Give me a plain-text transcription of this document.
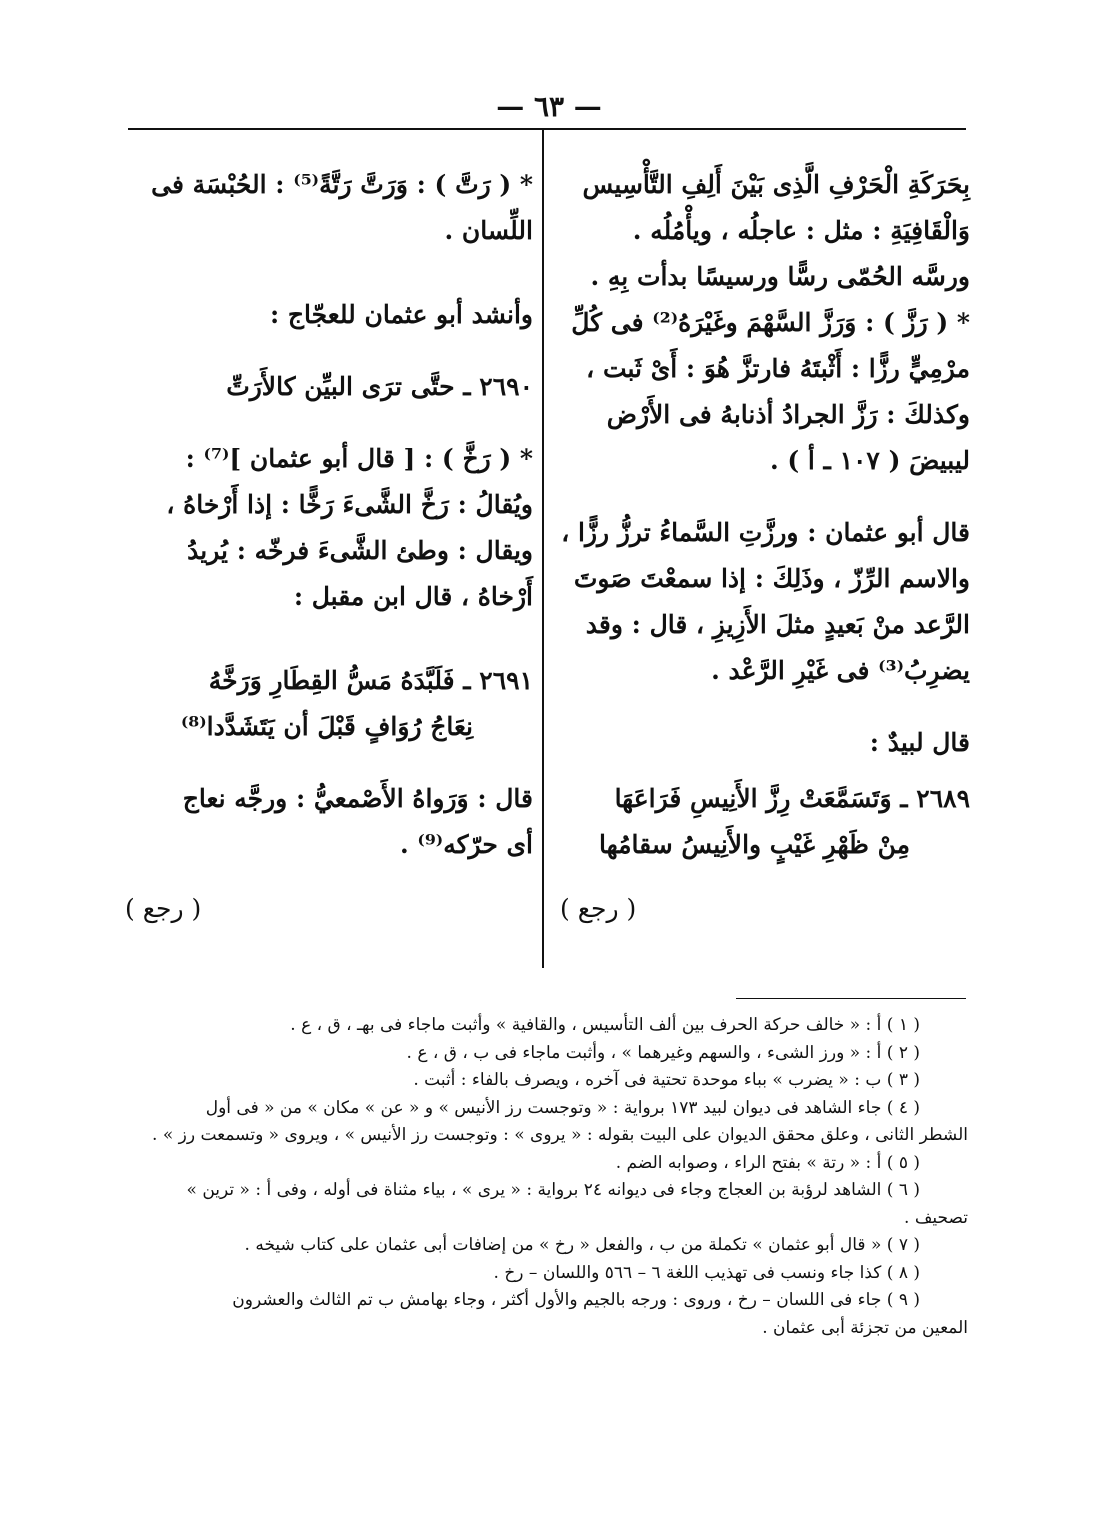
— ٦٣ —

بِحَرَكَةِ الْحَرْفِ الَّذِى بَيْنَ أَلِفِ التَّأْسِيس

وَالْقَافِيَةِ : مثل : عاجلُه ، ويأْمُلُه .

ورسَّه الحُمّى رسًّا ورسيسًا بدأت بِهِ .

* ( رَزَّ ) : وَرَزَّ السَّهْمَ وغَيْرَهُ⁽²⁾ فى كُلِّ

مرْمِيٍّ رزًّا : أَثْبتَهُ فارتزَّ هُوَ : أَىْ ثَبت ،

وكذلكَ : رَزَّ الجرادُ أذنابهُ فى الأَرْض

ليبيضَ ( ١٠٧ ـ أ ) .

قال أبو عثمان : ورزَّتِ السَّماءُ ترزُّ رزًّا ،

والاسم الرِّزّ ، وذَلِكَ : إذا سمعْتَ صَوتَ

الرَّعد منْ بَعيدٍ مثلَ الأَزِيزِ ، قال : وقد

يضرِبُ⁽³⁾ فى غَيْرِ الرَّعْد .

قال لبيدٌ :

٢٦٨٩ ـ وَتَسَمَّعَتْ رِزَّ الأَنِيسِ فَرَاعَهَا

مِنْ ظَهْرِ غَيْبٍ والأَنِيسُ سقامُها

( رجع )

* ( رَتَّ ) : وَرَتَّ رَتَّةً⁽⁵⁾ : الحُبْسَة فى

اللِّسان .

وأنشد أبو عثمان للعجّاج :

٢٦٩٠ ـ حتَّى ترَى البيِّن كالأَرَتِّ

* ( رَخَّ ) : [ قال أبو عثمان ]⁽⁷⁾ :

ويُقالُ : رَخَّ الشَّىءَ رَخًّا : إذا أَرْخاهُ ،

ويقال : وطئ الشَّىءَ فرخّه : يُريدُ

أَرْخاهُ ، قال ابن مقبل :

٢٦٩١ ـ فَلَبَّدَهُ مَسُّ القِطَارِ وَرَخَّهُ

نِعَاجُ رُوَافٍ قَبْلَ أن يَتَشَدَّدا⁽⁸⁾

قال : وَرَواهُ الأَصْمعيُّ : ورجَّه نعاج

أى حرّكه⁽⁹⁾ .

( رجع )

( ١ ) أ : « خالف حركة الحرف بين ألف التأسيس ، والقافية » وأثبت ماجاء فى بهـ ، ق ، ع .

( ٢ ) أ : « ورز الشىء ، والسهم وغيرهما » ، وأثبت ماجاء فى ب ، ق ، ع .

( ٣ ) ب : « يضرب » بباء موحدة تحتية فى آخره ، ويصرف بالفاء : أثبت .

( ٤ ) جاء الشاهد فى ديوان لبيد ١٧٣ برواية : « وتوجست رز الأنيس » و « عن » مكان » من « فى أول

الشطر الثانى ، وعلق محقق الديوان على البيت بقوله : « يروى » : وتوجست رز الأنيس » ، ويروى « وتسمعت رز » .

( ٥ ) أ : « رتة » بفتح الراء ، وصوابه الضم .

( ٦ ) الشاهد لرؤبة بن العجاج وجاء فى ديوانه ٢٤ برواية : « يرى » ، بياء مثناة فى أوله ، وفى أ : « ترين »

تصحيف .

( ٧ ) « قال أبو عثمان » تكملة من ب ، والفعل « رخ » من إضافات أبى عثمان على كتاب شيخه .

( ٨ ) كذا جاء ونسب فى تهذيب اللغة ٦ – ٥٦٦ واللسان – رخ .

( ٩ ) جاء فى اللسان – رخ ، وروى : ورجه بالجيم والأول أكثر ، وجاء بهامش ب تم الثالث والعشرون

المعين من تجزئة أبى عثمان .
